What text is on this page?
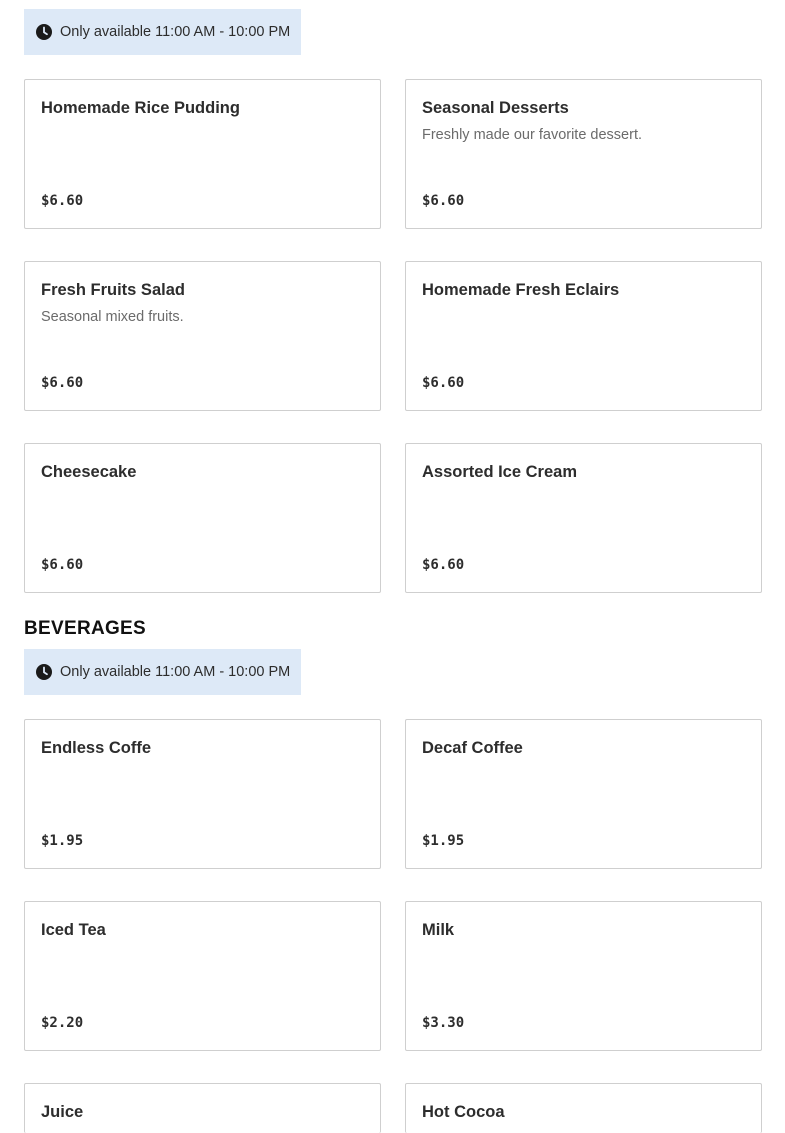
Only available 11:00 AM - 10:00 PM
Homemade Rice Pudding
$6.60
Seasonal Desserts
Freshly made our favorite dessert.
$6.60
Fresh Fruits Salad
Seasonal mixed fruits.
$6.60
Homemade Fresh Eclairs
$6.60
Cheesecake
$6.60
Assorted Ice Cream
$6.60
BEVERAGES
Only available 11:00 AM - 10:00 PM
Endless Coffe
$1.95
Decaf Coffee
$1.95
Iced Tea
$2.20
Milk
$3.30
Juice	Hot Cocoa
